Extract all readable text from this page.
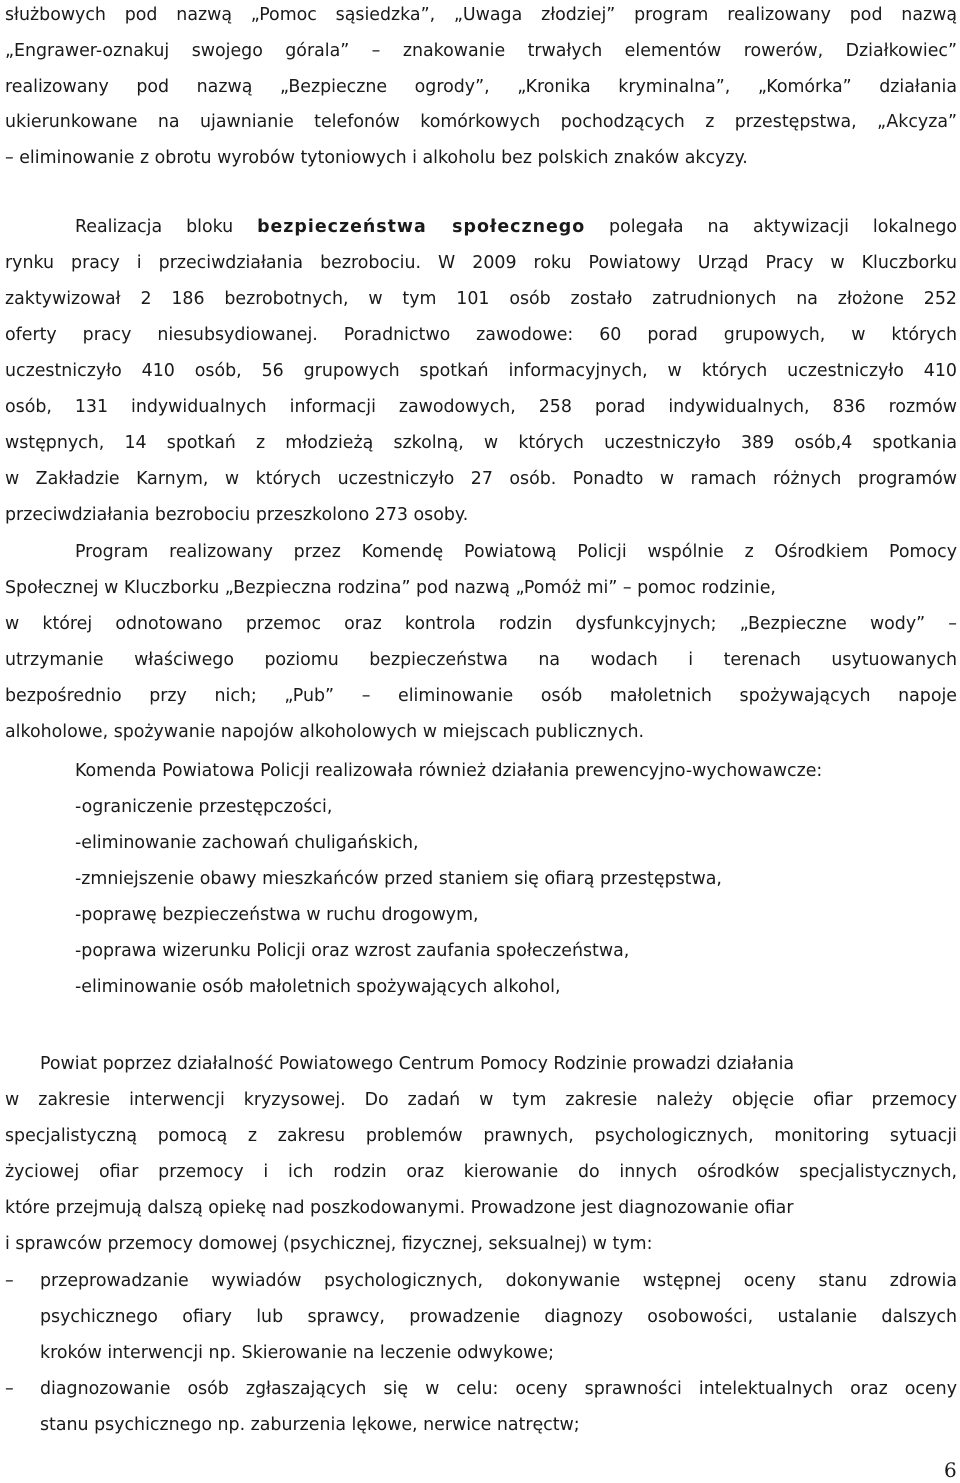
służbowych pod nazwą „Pomoc sąsiedzka”, „Uwaga złodziej” program realizowany pod nazwą
„Engrawer-oznakuj swojego górala” – znakowanie trwałych elementów rowerów, Działkowiec”
realizowany pod nazwą „Bezpieczne ogrody”, „Kronika kryminalna”, „Komórka” działania
ukierunkowane na ujawnianie telefonów komórkowych pochodzących z przestępstwa, „Akcyza”
– eliminowanie z obrotu wyrobów tytoniowych i alkoholu bez polskich znaków akcyzy.
Realizacja bloku bezpieczeństwa społecznego polegała na aktywizacji lokalnego
rynku pracy i przeciwdziałania bezrobociu. W 2009 roku Powiatowy Urząd Pracy w Kluczborku
zaktywizował 2 186 bezrobotnych, w tym 101 osób zostało zatrudnionych na złożone 252
oferty pracy niesubsydiowanej. Poradnictwo zawodowe: 60 porad grupowych, w których
uczestniczyło 410 osób, 56 grupowych spotkań informacyjnych, w których uczestniczyło 410
osób, 131 indywidualnych informacji zawodowych, 258 porad indywidualnych, 836 rozmów
wstępnych, 14 spotkań z młodzieżą szkolną, w których uczestniczyło 389 osób,4 spotkania
w Zakładzie Karnym, w których uczestniczyło 27 osób. Ponadto w ramach różnych programów
przeciwdziałania bezrobociu przeszkolono 273 osoby.
Program realizowany przez Komendę Powiatową Policji wspólnie z Ośrodkiem Pomocy
Społecznej w Kluczborku „Bezpieczna rodzina” pod nazwą „Pomóż mi” – pomoc rodzinie,
w której odnotowano przemoc oraz kontrola rodzin dysfunkcyjnych; „Bezpieczne wody” –
utrzymanie właściwego poziomu bezpieczeństwa na wodach i terenach usytuowanych
bezpośrednio przy nich; „Pub” – eliminowanie osób małoletnich spożywających napoje
alkoholowe, spożywanie napojów alkoholowych w miejscach publicznych.
Komenda Powiatowa Policji realizowała również działania prewencyjno-wychowawcze:
-ograniczenie przestępczości,
-eliminowanie zachowań chuligańskich,
-zmniejszenie obawy mieszkańców przed staniem się ofiarą przestępstwa,
-poprawę bezpieczeństwa w ruchu drogowym,
-poprawa wizerunku Policji oraz wzrost zaufania społeczeństwa,
-eliminowanie osób małoletnich spożywających alkohol,
Powiat poprzez działalność Powiatowego Centrum Pomocy Rodzinie prowadzi działania
w zakresie interwencji kryzysowej. Do zadań w tym zakresie należy objęcie ofiar przemocy
specjalistyczną pomocą z zakresu problemów prawnych, psychologicznych, monitoring sytuacji
życiowej ofiar przemocy i ich rodzin oraz kierowanie do innych ośrodków specjalistycznych,
które przejmują dalszą opiekę nad poszkodowanymi. Prowadzone jest diagnozowanie ofiar
i sprawców przemocy domowej (psychicznej, fizycznej, seksualnej) w tym:
– przeprowadzanie wywiadów psychologicznych, dokonywanie wstępnej oceny stanu zdrowia
psychicznego ofiary lub sprawcy, prowadzenie diagnozy osobowości, ustalanie dalszych
kroków interwencji np. Skierowanie na leczenie odwykowe;
– diagnozowanie osób zgłaszających się w celu: oceny sprawności intelektualnych oraz oceny
stanu psychicznego np. zaburzenia lękowe, nerwice natręctw;
6
